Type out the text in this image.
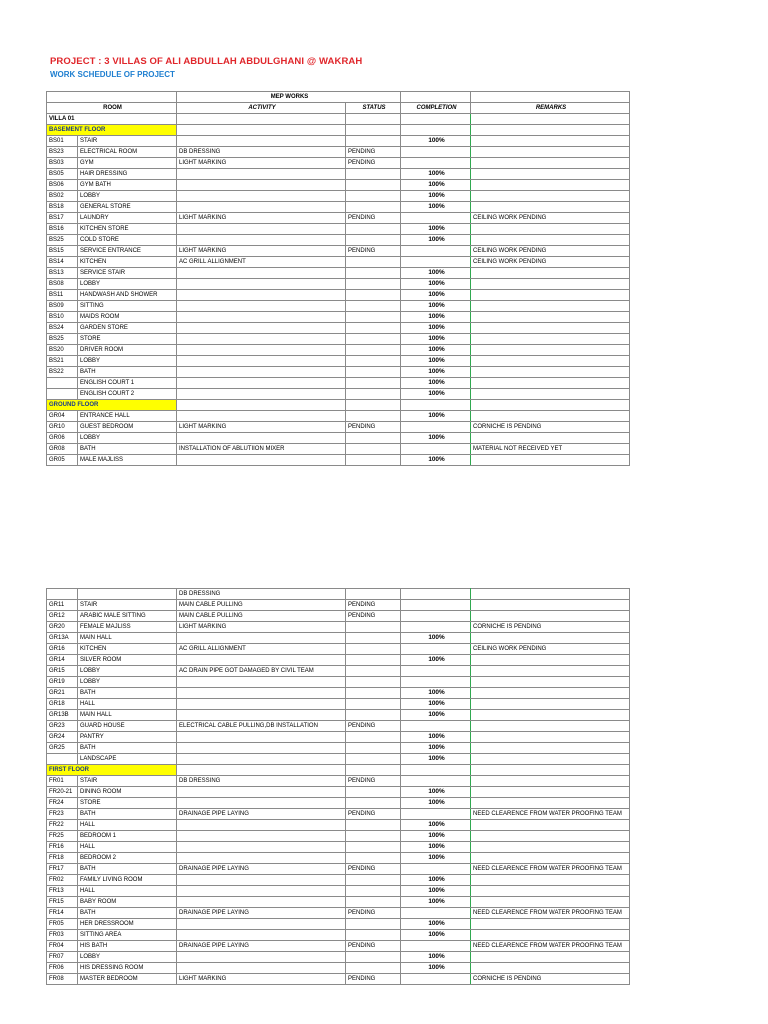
PROJECT : 3 VILLAS OF ALI ABDULLAH ABDULGHANI @ WAKRAH
WORK SCHEDULE OF PROJECT
		MEP WORKS			
ROOM		ACTIVITY	STATUS	COMPLETION	REMARKS
VILLA 01					
BASEMENT FLOOR					
BS01	STAIR			100%	
BS23	ELECTRICAL ROOM	DB DRESSING	PENDING		
BS03	GYM	LIGHT MARKING	PENDING		
BS05	HAIR DRESSING			100%	
BS06	GYM BATH			100%	
BS02	LOBBY			100%	
BS18	GENERAL STORE			100%	
BS17	LAUNDRY	LIGHT MARKING	PENDING		CEILING WORK PENDING
BS16	KITCHEN STORE			100%	
BS25	COLD STORE			100%	
BS15	SERVICE ENTRANCE	LIGHT MARKING	PENDING		CEILING WORK PENDING
BS14	KITCHEN	AC GRILL ALLIGNMENT			CEILING WORK PENDING
BS13	SERVICE STAIR			100%	
BS08	LOBBY			100%	
BS11	HANDWASH AND SHOWER			100%	
BS09	SITTING			100%	
BS10	MAIDS ROOM			100%	
BS24	GARDEN STORE			100%	
BS25	STORE			100%	
BS20	DRIVER ROOM			100%	
BS21	LOBBY			100%	
BS22	BATH			100%	
	ENGLISH COURT 1			100%	
	ENGLISH COURT 2			100%	
GROUND FLOOR					
GR04	ENTRANCE HALL			100%	
GR10	GUEST BEDROOM	LIGHT MARKING	PENDING		CORNICHE IS PENDING
GR06	LOBBY			100%	
GR08	BATH	INSTALLATION OF ABLUTIION MIXER			MATERIAL NOT RECEIVED YET
GR05	MALE MAJLISS			100%	
		DB DRESSING			
GR11	STAIR	MAIN CABLE PULLING	PENDING		
GR12	ARABIC MALE SITTING	MAIN CABLE PULLING	PENDING		
GR20	FEMALE MAJLISS	LIGHT MARKING			CORNICHE IS PENDING
GR13A	MAIN HALL			100%	
GR16	KITCHEN	AC GRILL ALLIGNMENT			CEILING WORK PENDING
GR14	SILVER ROOM			100%	
GR15	LOBBY	AC DRAIN PIPE GOT DAMAGED BY CIVIL TEAM			
GR19	LOBBY				
GR21	BATH			100%	
GR18	HALL			100%	
GR13B	MAIN HALL			100%	
GR23	GUARD HOUSE	ELECTRICAL CABLE PULLING,DB INSTALLATION	PENDING		
GR24	PANTRY			100%	
GR25	BATH			100%	
	LANDSCAPE			100%	
FIRST FLOOR					
FR01	STAIR	DB DRESSING	PENDING		
FR20-21	DINING ROOM			100%	
FR24	STORE			100%	
FR23	BATH	DRAINAGE PIPE LAYING	PENDING		NEED CLEARENCE FROM WATER PROOFING TEAM
FR22	HALL			100%	
FR25	BEDROOM 1			100%	
FR16	HALL			100%	
FR18	BEDROOM 2			100%	
FR17	BATH	DRAINAGE PIPE LAYING	PENDING		NEED CLEARENCE FROM WATER PROOFING TEAM
FR02	FAMILY LIVING ROOM			100%	
FR13	HALL			100%	
FR15	BABY ROOM			100%	
FR14	BATH	DRAINAGE PIPE LAYING	PENDING		NEED CLEARENCE FROM WATER PROOFING TEAM
FR05	HER DRESSROOM			100%	
FR03	SITTING AREA			100%	
FR04	HIS BATH	DRAINAGE PIPE LAYING	PENDING		NEED CLEARENCE FROM WATER PROOFING TEAM
FR07	LOBBY			100%	
FR06	HIS DRESSING ROOM			100%	
FR08	MASTER BEDROOM	LIGHT MARKING	PENDING		CORNICHE IS PENDING
